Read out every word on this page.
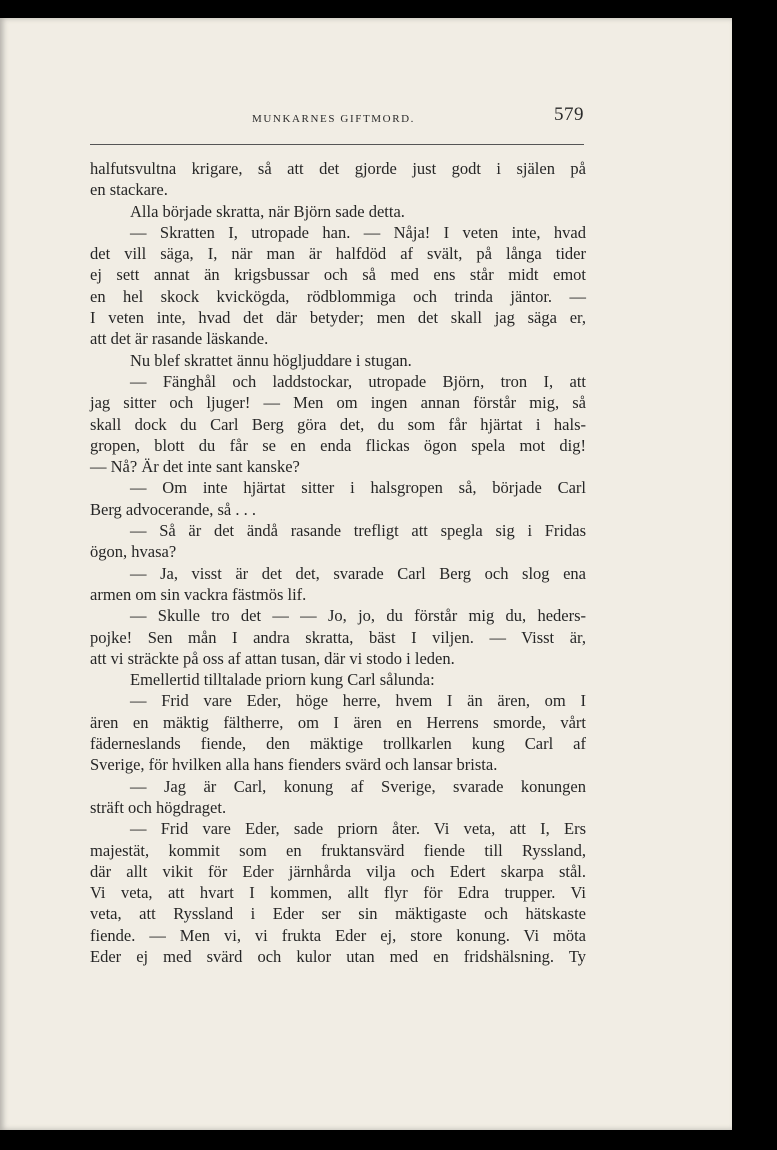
MUNKARNES GIFTMORD.	579
halfutsvultna krigare, så att det gjorde just godt i själen på
en stackare.
Alla började skratta, när Björn sade detta.
— Skratten I, utropade han. — Nåja! I veten inte, hvad
det vill säga, I, när man är halfdöd af svält, på långa tider
ej sett annat än krigsbussar och så med ens står midt emot
en hel skock kvickögda, rödblommiga och trinda jäntor. —
I veten inte, hvad det där betyder; men det skall jag säga er,
att det är rasande läskande.
Nu blef skrattet ännu högljuddare i stugan.
— Fänghål och laddstockar, utropade Björn, tron I, att
jag sitter och ljuger! — Men om ingen annan förstår mig, så
skall dock du Carl Berg göra det, du som får hjärtat i hals-
gropen, blott du får se en enda flickas ögon spela mot dig!
— Nå? Är det inte sant kanske?
— Om inte hjärtat sitter i halsgropen så, började Carl
Berg advocerande, så . . .
— Så är det ändå rasande trefligt att spegla sig i Fridas
ögon, hvasa?
— Ja, visst är det det, svarade Carl Berg och slog ena
armen om sin vackra fästmös lif.
— Skulle tro det — — Jo, jo, du förstår mig du, heders-
pojke! Sen mån I andra skratta, bäst I viljen. — Visst är,
att vi sträckte på oss af attan tusan, där vi stodo i leden.
Emellertid tilltalade priorn kung Carl sålunda:
— Frid vare Eder, höge herre, hvem I än ären, om I
ären en mäktig fältherre, om I ären en Herrens smorde, vårt
fäderneslands fiende, den mäktige trollkarlen kung Carl af
Sverige, för hvilken alla hans fienders svärd och lansar brista.
— Jag är Carl, konung af Sverige, svarade konungen
sträft och högdraget.
— Frid vare Eder, sade priorn åter. Vi veta, att I, Ers
majestät, kommit som en fruktansvärd fiende till Ryssland,
där allt vikit för Eder järnhårda vilja och Edert skarpa stål.
Vi veta, att hvart I kommen, allt flyr för Edra trupper. Vi
veta, att Ryssland i Eder ser sin mäktigaste och hätskaste
fiende. — Men vi, vi frukta Eder ej, store konung. Vi möta
Eder ej med svärd och kulor utan med en fridshälsning. Ty
